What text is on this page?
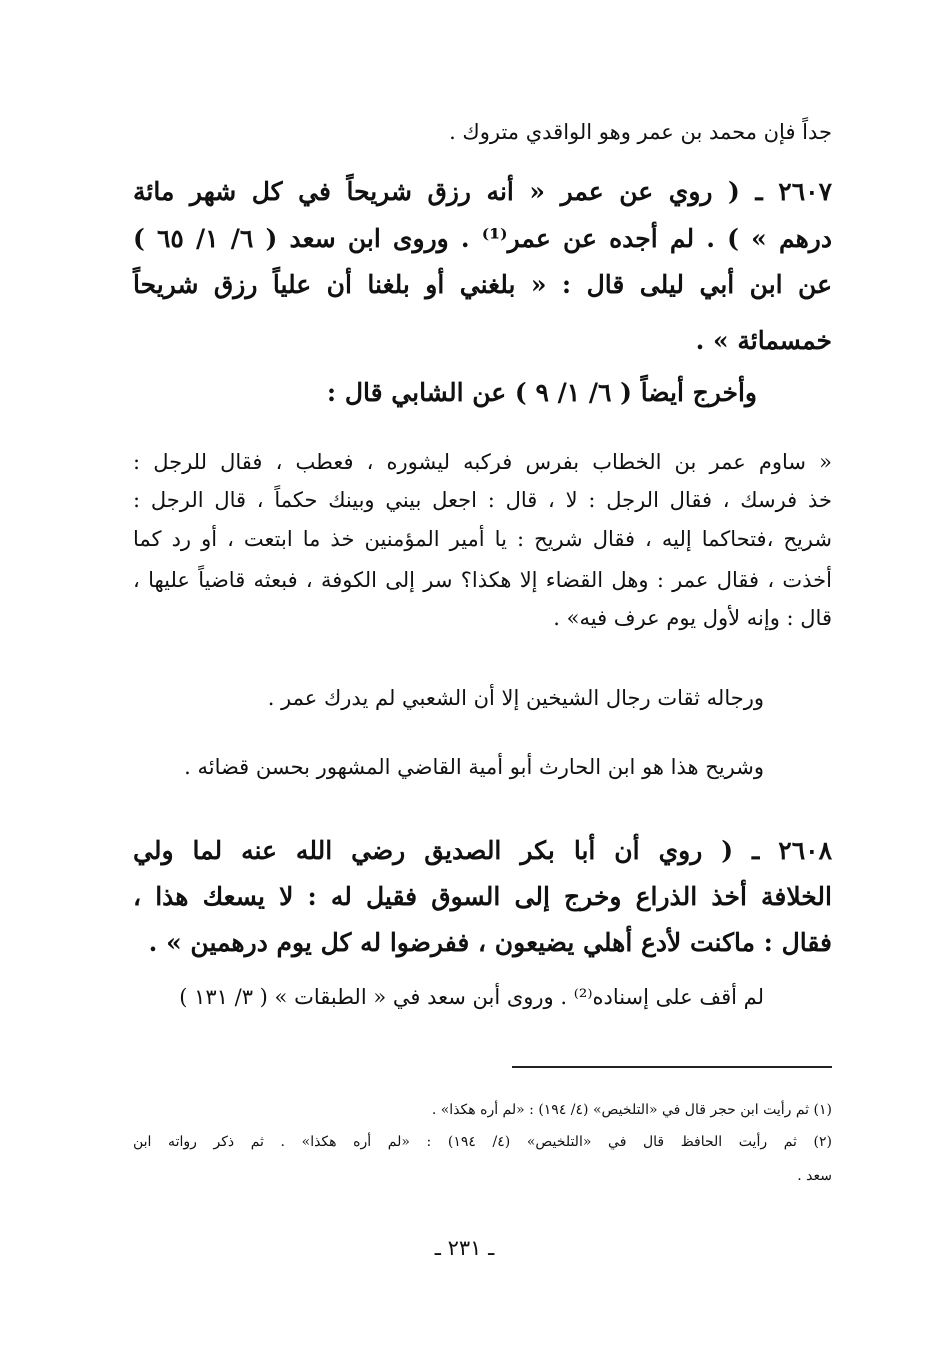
جداً فإن محمد بن عمر وهو الواقدي متروك .
٢٦٠٧ ـ ( روي عن عمر « أنه رزق شريحاً في كل شهر مائة
درهم » ) . لم أجده عن عمر⁽¹⁾ . وروى ابن سعد ( ٦/ ١/ ٦٥ )
عن ابن أبي ليلى قال : « بلغني أو بلغنا أن علياً رزق شريحاً
خمسمائة » .
وأخرج أيضاً ( ٦/ ١/ ٩ ) عن الشابي قال :
« ساوم عمر بن الخطاب بفرس فركبه ليشوره ، فعطب ، فقال للرجل :
خذ فرسك ، فقال الرجل : لا ، قال : اجعل بيني وبينك حكماً ، قال الرجل :
شريح ،فتحاكما إليه ، فقال شريح : يا أمير المؤمنين خذ ما ابتعت ، أو رد كما
أخذت ، فقال عمر : وهل القضاء إلا هكذا؟ سر إلى الكوفة ، فبعثه قاضياً عليها ،
قال : وإنه لأول يوم عرف فيه» .
ورجاله ثقات رجال الشيخين إلا أن الشعبي لم يدرك عمر .
وشريح هذا هو ابن الحارث أبو أمية القاضي المشهور بحسن قضائه .
٢٦٠٨ ـ ( روي أن أبا بكر الصديق رضي الله عنه لما ولي
الخلافة أخذ الذراع وخرج إلى السوق فقيل له : لا يسعك هذا ،
فقال : ماكنت لأدع أهلي يضيعون ، ففرضوا له كل يوم درهمين » .
لم أقف على إسناده⁽²⁾ . وروى أبن سعد في « الطبقات » ( ٣/ ١٣١ )
(١) ثم رأيت ابن حجر قال في «التلخيص» (٤/ ١٩٤) : «لم أره هكذا» .
(٢) ثم رأيت الحافظ قال في «التلخيص» (٤/ ١٩٤) : «لم أره هكذا» . ثم ذكر رواته ابن
سعد .
ـ ٢٣١ ـ
